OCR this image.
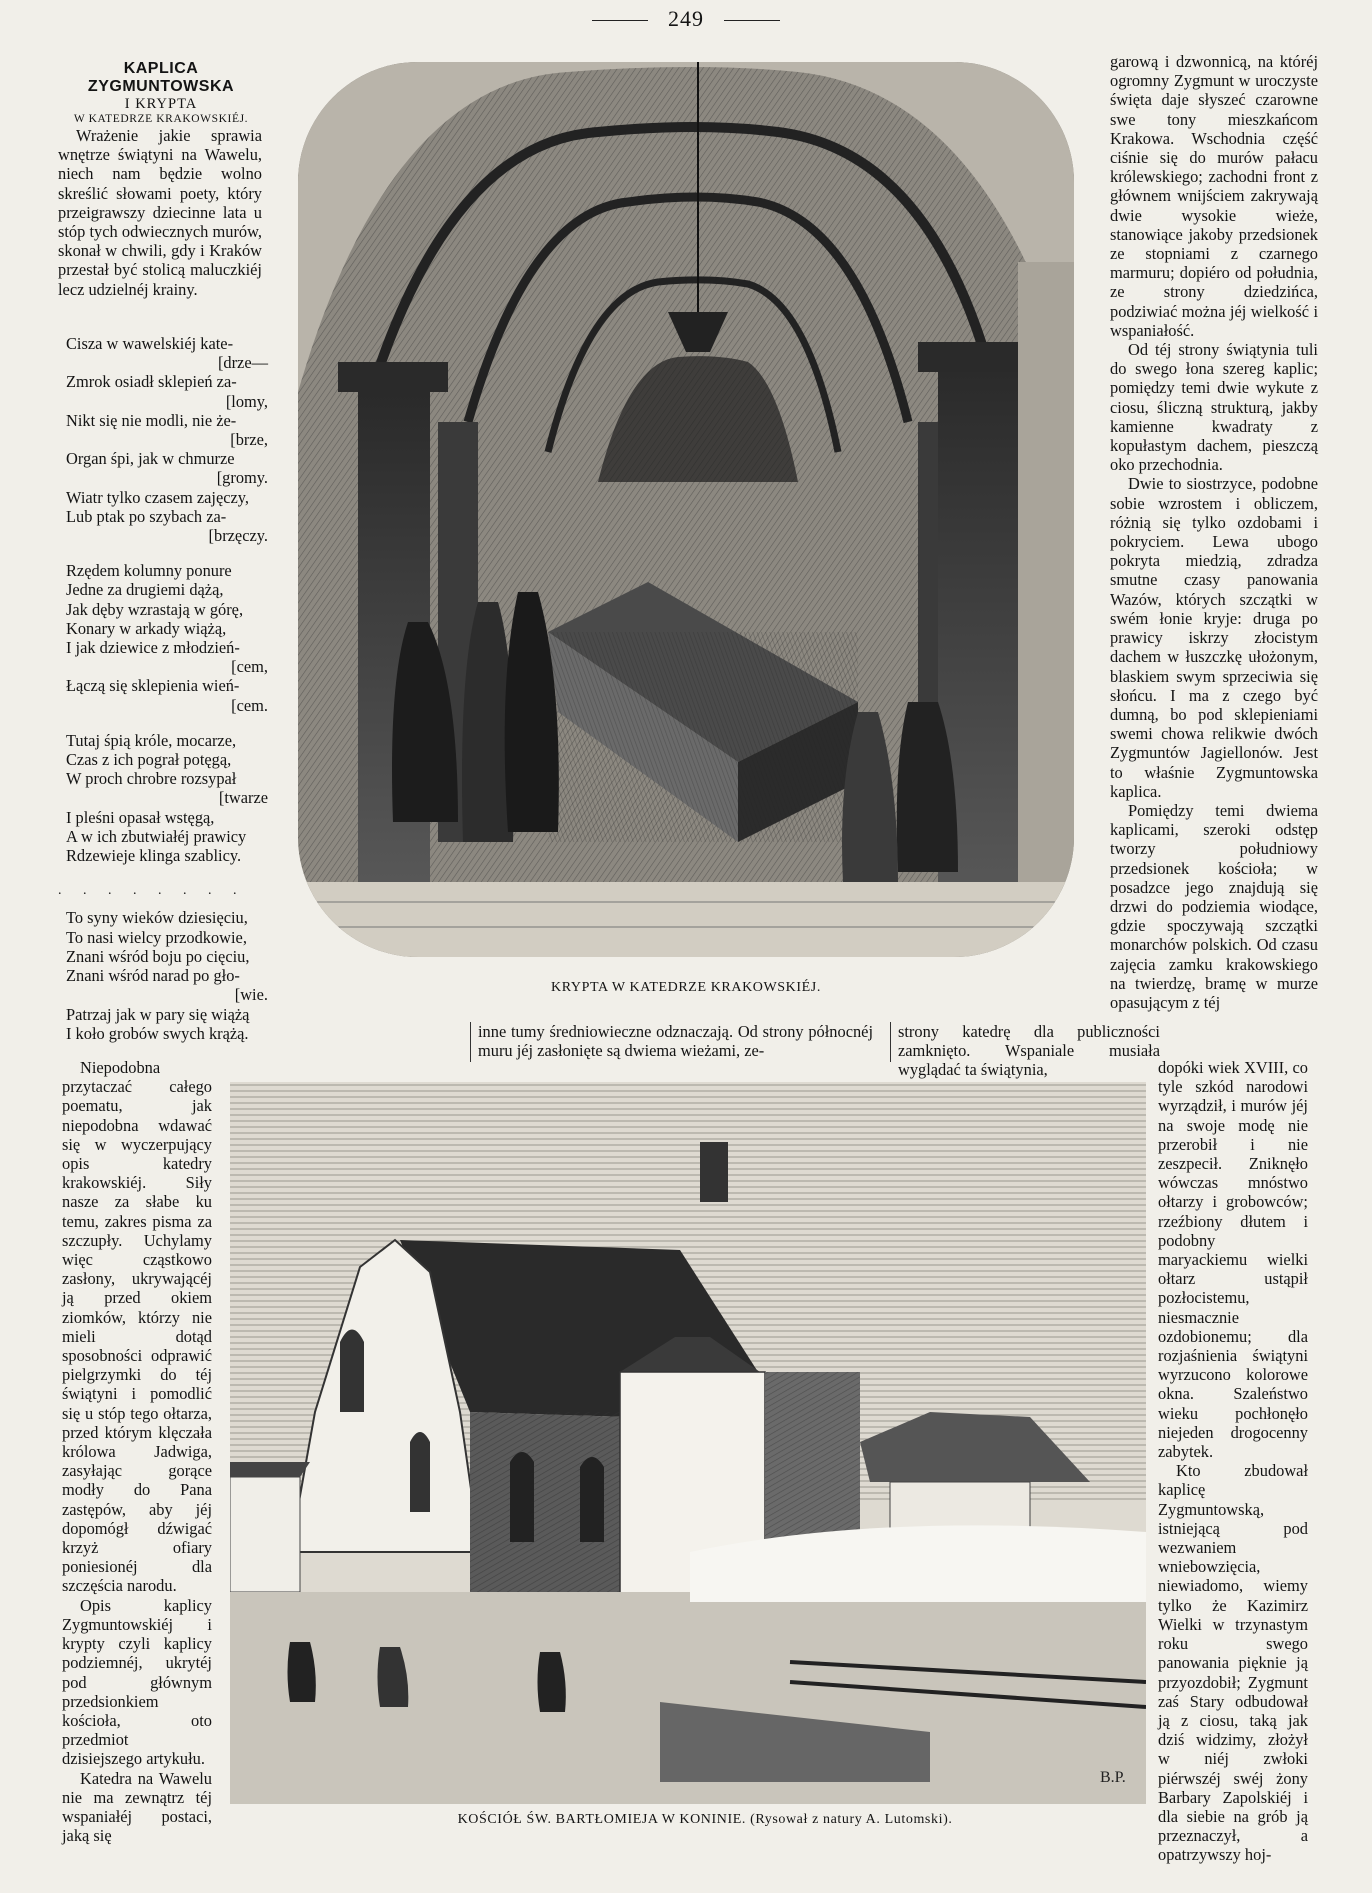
249
KAPLICA ZYGMUNTOWSKA
I KRYPTA
W KATEDRZE KRAKOWSKIÉJ.

Wrażenie jakie sprawia wnętrze świątyni na Wawelu, niech nam będzie wolno skreślić słowami poety, który przeigrawszy dziecinne lata u stóp tych odwiecznych murów, skonał w chwili, gdy i Kraków przestał być stolicą maluczkiéj lecz udzielnéj krainy.

Cisza w wawelskiéj kate-
[drze—
Zmrok osiadł sklepień za-
[lomy,
Nikt się nie modli, nie że-
[brze,
Organ śpi, jak w chmurze
[gromy.
Wiatr tylko czasem zajęczy,
Lub ptak po szybach za-
[brzęczy.
Rzędem kolumny ponure
Jedne za drugiemi dążą,
Jak dęby wzrastają w górę,
Konary w arkady wiążą,
I jak dziewice z młodzień-
[cem,
Łączą się sklepienia wień-
[cem.
Tutaj śpią króle, mocarze,
Czas z ich pograł potęgą,
W proch chrobre rozsypał
[twarze
I pleśni opasał wstęgą,
A w ich zbutwiałéj prawicy
Rdzewieje klinga szablicy.
. . . . . . . .
To syny wieków dziesięciu,
To nasi wielcy przodkowie,
Znani wśród boju po cięciu,
Znani wśród narad po gło-
[wie.
Patrzaj jak w pary się wiążą
I koło grobów swych krążą.

Niepodobna przytaczać całego poematu, jak niepodobna wdawać się w wyczerpujący opis katedry krakowskiéj. Siły nasze za słabe ku temu, zakres pisma za szczupły. Uchylamy więc cząstkowo zasłony, ukrywającéj ją przed okiem ziomków, którzy nie mieli dotąd sposobności odprawić pielgrzymki do téj świątyni i pomodlić się u stóp tego ołtarza, przed którym klęczała królowa Jadwiga, zasyłając gorące modły do Pana zastępów, aby jéj dopomógł dźwigać krzyż ofiary poniesionéj dla szczęścia narodu.

Opis kaplicy Zygmuntowskiéj i krypty czyli kaplicy podziemnéj, ukrytéj pod głównym przedsionkiem kościoła, oto przedmiot dzisiejszego artykułu.

Katedra na Wawelu nie ma zewnątrz téj wspaniałéj postaci, jaką się

KRYPTA W KATEDRZE KRAKOWSKIÉJ.

garową i dzwonnicą, na któréj ogromny Zygmunt w uroczyste święta daje słyszeć czarowne swe tony mieszkańcom Krakowa. Wschodnia część ciśnie się do murów pałacu królewskiego; zachodni front z głównem wnijściem zakrywają dwie wysokie wieże, stanowiące jakoby przedsionek ze stopniami z czarnego marmuru; dopiéro od południa, ze strony dziedzińca, podziwiać można jéj wielkość i wspaniałość.

Od téj strony świątynia tuli do swego łona szereg kaplic; pomiędzy temi dwie wykute z ciosu, śliczną strukturą, jakby kamienne kwadraty z kopułastym dachem, pieszczą oko przechodnia.

Dwie to siostrzyce, podobne sobie wzrostem i obliczem, różnią się tylko ozdobami i pokryciem. Lewa ubogo pokryta miedzią, zdradza smutne czasy panowania Wazów, których szczątki w swém łonie kryje: druga po prawicy iskrzy złocistym dachem w łuszczkę ułożonym, blaskiem swym sprzeciwia się słońcu. I ma z czego być dumną, bo pod sklepieniami swemi chowa relikwie dwóch Zygmuntów Jagiellonów. Jest to właśnie Zygmuntowska kaplica.

Pomiędzy temi dwiema kaplicami, szeroki odstęp tworzy południowy przedsionek kościoła; w posadzce jego znajdują się drzwi do podziemia wiodące, gdzie spoczywają szczątki monarchów polskich. Od czasu zajęcia zamku krakowskiego na twierdzę, bramę w murze opasującym z téj

inne tumy średniowieczne odznaczają. Od strony północnéj muru jéj zasłonięte są dwiema wieżami, ze-
strony katedrę dla publiczności zamknięto. Wspaniale musiała wyglądać ta świątynia,
B.P.
KOŚCIÓŁ ŚW. BARTŁOMIEJA W KONINIE. (Rysował z natury A. Lutomski).

dopóki wiek XVIII, co tyle szkód narodowi wyrządził, i murów jéj na swoje modę nie przerobił i nie zeszpecił. Zniknęło wówczas mnóstwo ołtarzy i grobowców; rzeźbiony dłutem i podobny maryackiemu wielki ołtarz ustąpił pozłocistemu, niesmacznie ozdobionemu; dla rozjaśnienia świątyni wyrzucono kolorowe okna. Szaleństwo wieku pochłonęło niejeden drogocenny zabytek.

Kto zbudował kaplicę Zygmuntowską, istniejącą pod wezwaniem wniebowzięcia, niewiadomo, wiemy tylko że Kazimirz Wielki w trzynastym roku swego panowania pięknie ją przyozdobił; Zygmunt zaś Stary odbudował ją z ciosu, taką jak dziś widzimy, złożył w niéj zwłoki piérwszéj swéj żony Barbary Zapolskiéj i dla siebie na grób ją przeznaczył, a opatrzywszy hoj-
